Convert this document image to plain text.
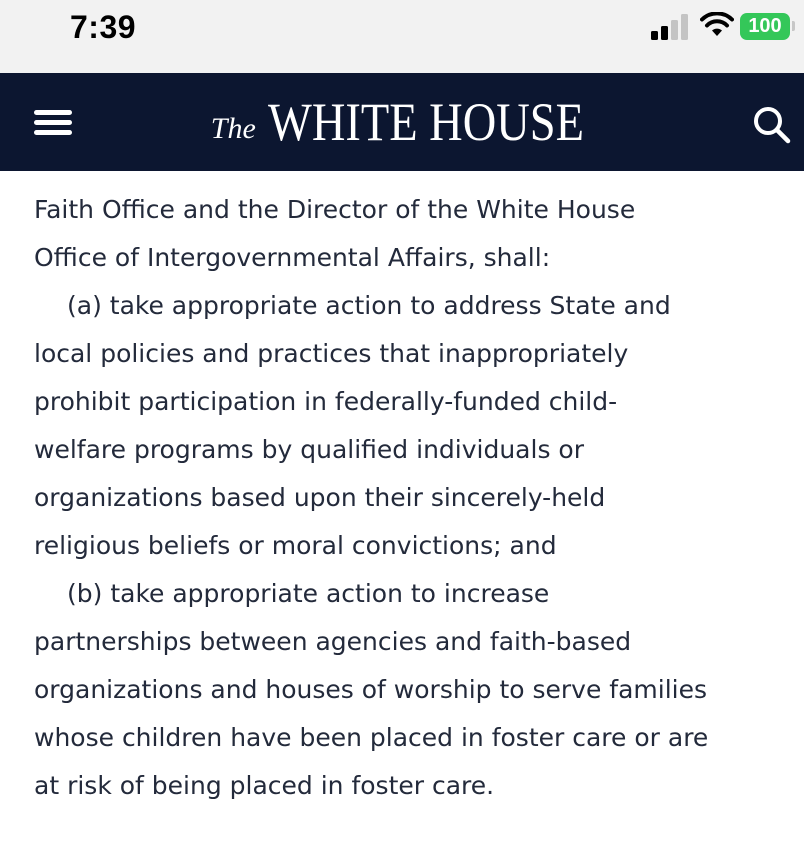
7:39	100
The WHITE HOUSE

Faith Office and the Director of the White House

Office of Intergovernmental Affairs, shall:

(a) take appropriate action to address State and

local policies and practices that inappropriately

prohibit participation in federally-funded child-

welfare programs by qualified individuals or

organizations based upon their sincerely-held

religious beliefs or moral convictions; and

(b) take appropriate action to increase

partnerships between agencies and faith-based

organizations and houses of worship to serve families

whose children have been placed in foster care or are

at risk of being placed in foster care.
